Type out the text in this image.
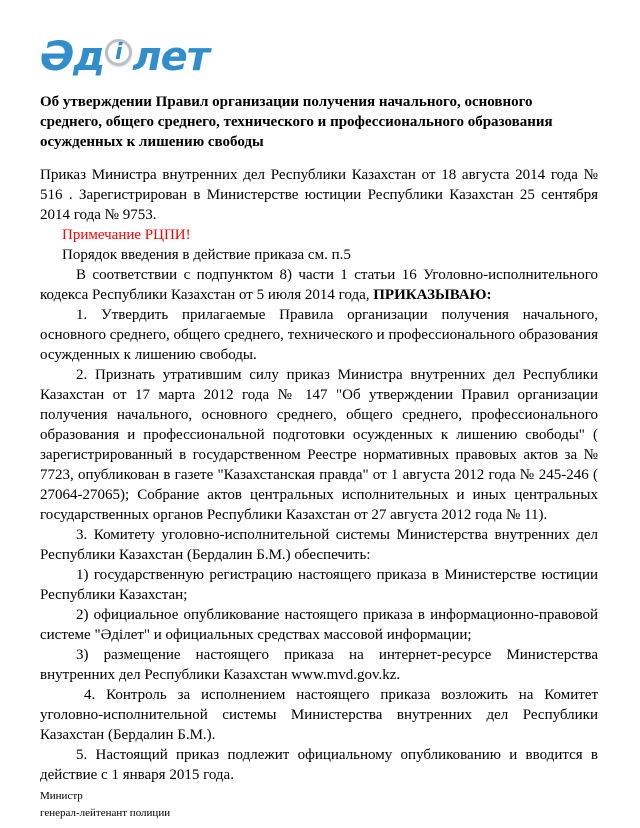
Әд і лет
Об утверждении Правил организации получения начального, основного среднего, общего среднего, технического и профессионального образования осужденных к лишению свободы

Приказ Министра внутренних дел Республики Казахстан от 18 августа 2014 года № 516 . Зарегистрирован в Министерстве юстиции Республики Казахстан 25 сентября 2014 года № 9753.

Примечание РЦПИ!

Порядок введения в действие приказа см. п.5

В соответствии с подпунктом 8) части 1 статьи 16 Уголовно-исполнительного кодекса Республики Казахстан от 5 июля 2014 года, ПРИКАЗЫВАЮ:

1. Утвердить прилагаемые Правила организации получения начального, основного среднего, общего среднего, технического и профессионального образования осужденных к лишению свободы.

2. Признать утратившим силу приказ Министра внутренних дел Республики Казахстан от 17 марта 2012 года № 147 "Об утверждении Правил организации получения начального, основного среднего, общего среднего, профессионального образования и профессиональной подготовки осужденных к лишению свободы" ( зарегистрированный в государственном Реестре нормативных правовых актов за № 7723, опубликован в газете "Казахстанская правда" от 1 августа 2012 года № 245-246 ( 27064-27065); Собрание актов центральных исполнительных и иных центральных государственных органов Республики Казахстан от 27 августа 2012 года № 11).

3. Комитету уголовно-исполнительной системы Министерства внутренних дел Республики Казахстан (Бердалин Б.М.) обеспечить:

1) государственную регистрацию настоящего приказа в Министерстве юстиции Республики Казахстан;

2) официальное опубликование настоящего приказа в информационно-правовой системе "Әділет" и официальных средствах массовой информации;

3) размещение настоящего приказа на интернет-ресурсе Министерства внутренних дел Республики Казахстан www.mvd.gov.kz.

4. Контроль за исполнением настоящего приказа возложить на Комитет уголовно-исполнительной системы Министерства внутренних дел Республики Казахстан (Бердалин Б.М.).

5. Настоящий приказ подлежит официальному опубликованию и вводится в действие с 1 января 2015 года.

Министр

генерал-лейтенант полиции
